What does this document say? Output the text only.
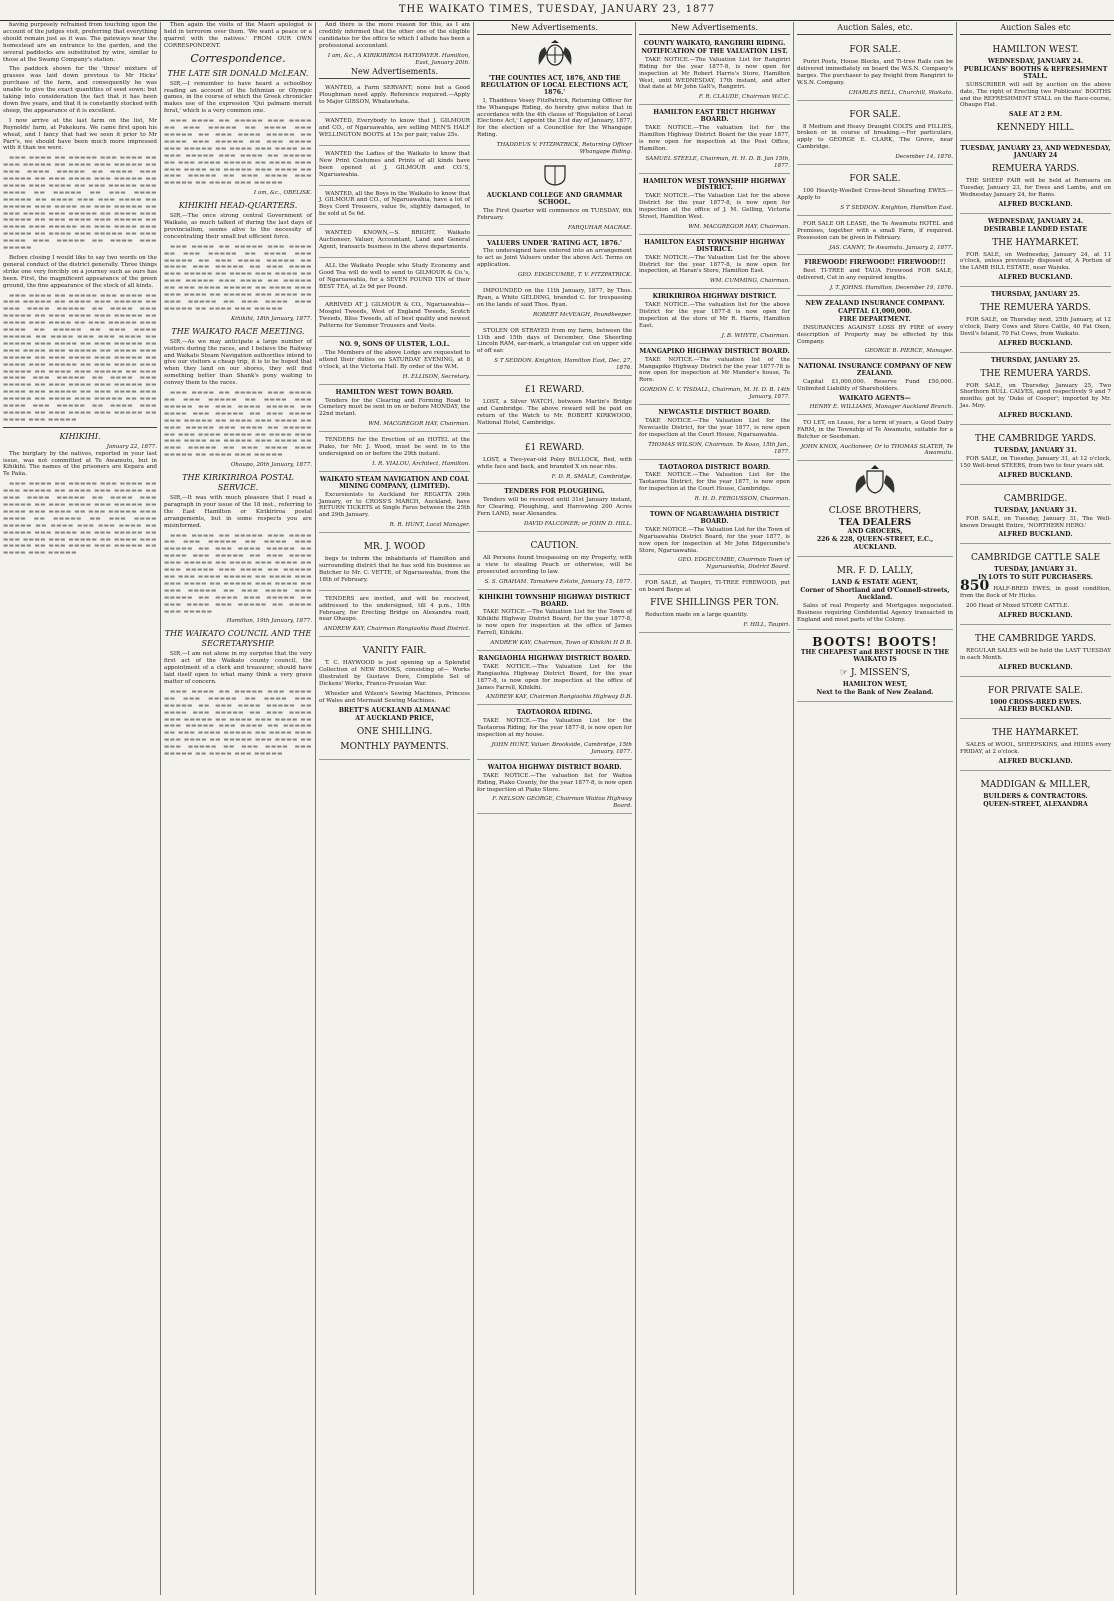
THE WAIKATO TIMES, TUESDAY, JANUARY 23, 1877

having purposely refrained from touching upon the account of the judges visit, preferring that everything should remain just as it was. The gateways near the homestead are an entrance to the garden, and the several paddocks are substituted by wire, similar to those at the Swamp Company's station.

The paddock shown for the 'three' mixture of grasses was laid down previous to Mr Hicks' purchase of the farm, and consequently he was unable to give the exact quantities of seed sown; but taking into consideration the fact that it has been down five years, and that it is constantly stocked with sheep, the appearance of it is excellent.

I now arrive at the last farm on the list, Mr Reynolds' farm, at Pukekura. We came first upon his wheat, and I fancy that had we seen it prior to Mr Parr's, we should have been much more impressed with it than we were.

▬▬▬ ▬▬▬▬ ▬▬ ▬▬▬▬▬ ▬▬▬ ▬▬▬▬ ▬▬ ▬▬▬ ▬▬▬▬▬ ▬▬ ▬▬▬▬ ▬▬▬ ▬▬▬▬▬ ▬▬ ▬▬▬ ▬▬▬▬ ▬▬▬▬▬ ▬▬ ▬▬▬▬ ▬▬▬ ▬▬▬▬▬ ▬▬ ▬▬▬ ▬▬▬▬ ▬▬▬ ▬▬▬▬▬ ▬▬ ▬▬▬▬ ▬▬▬ ▬▬▬▬ ▬▬ ▬▬▬ ▬▬▬▬▬ ▬▬▬ ▬▬▬▬ ▬▬ ▬▬▬▬▬ ▬▬ ▬▬▬ ▬▬▬▬ ▬▬▬▬▬ ▬▬ ▬▬▬▬ ▬▬▬ ▬▬▬ ▬▬▬▬ ▬▬ ▬▬▬▬▬ ▬▬▬ ▬▬▬▬ ▬▬ ▬▬▬ ▬▬▬▬▬ ▬▬ ▬▬▬ ▬▬▬▬ ▬▬▬ ▬▬▬▬▬ ▬▬ ▬▬▬▬ ▬▬▬ ▬▬▬▬▬ ▬▬ ▬▬▬ ▬▬▬▬ ▬▬▬ ▬▬▬▬▬ ▬▬ ▬▬▬▬ ▬▬▬ ▬▬▬▬▬ ▬▬ ▬▬▬ ▬▬▬▬ ▬▬▬ ▬▬▬▬▬ ▬▬ ▬▬▬▬ ▬▬▬ ▬▬▬▬▬ ▬▬ ▬▬▬ ▬▬▬▬ ▬▬▬ ▬▬▬▬▬ ▬▬ ▬▬▬▬ ▬▬▬ ▬▬▬▬▬

Before closing I would like to say two words on the general conduct of the district generally. Three things strike one very forcibly on a journey such as ours has been. First, the magnificent appearance of the green ground, the fine appearance of the stock of all kinds.

▬▬▬ ▬▬▬▬ ▬▬ ▬▬▬▬▬ ▬▬▬ ▬▬▬▬ ▬▬ ▬▬▬ ▬▬▬▬▬ ▬▬ ▬▬▬▬ ▬▬▬ ▬▬▬▬▬ ▬▬ ▬▬▬ ▬▬▬▬ ▬▬▬▬▬ ▬▬ ▬▬▬▬ ▬▬▬ ▬▬▬▬▬ ▬▬ ▬▬▬ ▬▬▬▬ ▬▬▬ ▬▬▬▬▬ ▬▬ ▬▬▬▬ ▬▬▬ ▬▬▬▬ ▬▬ ▬▬▬ ▬▬▬▬▬ ▬▬▬ ▬▬▬▬ ▬▬ ▬▬▬▬▬ ▬▬ ▬▬▬ ▬▬▬▬ ▬▬▬▬▬ ▬▬ ▬▬▬▬ ▬▬▬ ▬▬▬ ▬▬▬▬ ▬▬ ▬▬▬▬▬ ▬▬▬ ▬▬▬▬ ▬▬ ▬▬▬ ▬▬▬▬▬ ▬▬ ▬▬▬ ▬▬▬▬ ▬▬▬ ▬▬▬▬▬ ▬▬ ▬▬▬▬ ▬▬▬ ▬▬▬▬▬ ▬▬ ▬▬▬ ▬▬▬▬ ▬▬▬ ▬▬▬▬▬ ▬▬ ▬▬▬▬ ▬▬▬ ▬▬▬▬▬ ▬▬ ▬▬▬ ▬▬▬▬ ▬▬▬ ▬▬▬▬▬ ▬▬ ▬▬▬▬ ▬▬▬ ▬▬▬▬▬ ▬▬ ▬▬▬ ▬▬▬▬ ▬▬▬ ▬▬▬▬▬ ▬▬ ▬▬▬▬ ▬▬▬ ▬▬▬▬▬ ▬▬ ▬▬▬ ▬▬▬▬ ▬▬▬ ▬▬▬▬▬ ▬▬ ▬▬▬▬ ▬▬▬ ▬▬▬▬▬ ▬▬ ▬▬▬ ▬▬▬▬ ▬▬▬ ▬▬▬▬▬ ▬▬ ▬▬▬▬ ▬▬▬ ▬▬▬▬▬ ▬▬ ▬▬▬ ▬▬▬▬ ▬▬▬ ▬▬▬▬▬ ▬▬ ▬▬▬▬ ▬▬▬ ▬▬▬▬▬ ▬▬ ▬▬▬ ▬▬▬▬ ▬▬▬ ▬▬▬▬▬ ▬▬ ▬▬▬▬ ▬▬▬ ▬▬▬▬▬

KIHIKIHI.
January 22, 1877.

The burglary by the natives, reported in your last issue, was not committed at Te Awamutu, but in Kihikihi. The names of the prisoners are Kepara and Te Paiia.

▬▬▬ ▬▬▬▬ ▬▬ ▬▬▬▬▬ ▬▬▬ ▬▬▬▬ ▬▬ ▬▬▬ ▬▬▬▬▬ ▬▬ ▬▬▬▬ ▬▬▬ ▬▬▬▬▬ ▬▬ ▬▬▬ ▬▬▬▬ ▬▬▬▬▬ ▬▬ ▬▬▬▬ ▬▬▬ ▬▬▬▬▬ ▬▬ ▬▬▬ ▬▬▬▬ ▬▬▬ ▬▬▬▬▬ ▬▬ ▬▬▬▬ ▬▬▬ ▬▬▬▬ ▬▬ ▬▬▬ ▬▬▬▬▬ ▬▬▬ ▬▬▬▬ ▬▬ ▬▬▬▬▬ ▬▬ ▬▬▬ ▬▬▬▬ ▬▬▬▬▬ ▬▬ ▬▬▬▬ ▬▬▬ ▬▬▬ ▬▬▬▬ ▬▬ ▬▬▬▬▬ ▬▬▬ ▬▬▬▬ ▬▬ ▬▬▬ ▬▬▬▬▬ ▬▬ ▬▬▬ ▬▬▬▬ ▬▬▬ ▬▬▬▬▬ ▬▬ ▬▬▬▬ ▬▬▬ ▬▬▬▬▬ ▬▬ ▬▬▬ ▬▬▬▬ ▬▬▬ ▬▬▬▬▬ ▬▬ ▬▬▬▬ ▬▬▬ ▬▬▬▬▬

Then again the visits of the Maori apologist is held in terrorem over them. 'We want a peace or a quarrel with the natives.' FROM OUR OWN CORRESPONDENT.

Correspondence.
THE LATE SIR DONALD McLEAN.

SIR,—I remember to have heard a schoolboy reading an account of the Isthmian or Olympic games, in the course of which the Greek chronicler makes use of the expression 'Qui palmam meruit ferat,' which is a very common one.

▬▬▬ ▬▬▬▬ ▬▬ ▬▬▬▬▬ ▬▬▬ ▬▬▬▬ ▬▬ ▬▬▬ ▬▬▬▬▬ ▬▬ ▬▬▬▬ ▬▬▬ ▬▬▬▬▬ ▬▬ ▬▬▬ ▬▬▬▬ ▬▬▬▬▬ ▬▬ ▬▬▬▬ ▬▬▬ ▬▬▬▬▬ ▬▬ ▬▬▬ ▬▬▬▬ ▬▬▬ ▬▬▬▬▬ ▬▬ ▬▬▬▬ ▬▬▬ ▬▬▬▬ ▬▬ ▬▬▬ ▬▬▬▬▬ ▬▬▬ ▬▬▬▬ ▬▬ ▬▬▬▬▬ ▬▬ ▬▬▬ ▬▬▬▬ ▬▬▬▬▬ ▬▬ ▬▬▬▬ ▬▬▬ ▬▬▬ ▬▬▬▬ ▬▬ ▬▬▬▬▬ ▬▬▬ ▬▬▬▬ ▬▬ ▬▬▬ ▬▬▬▬▬ ▬▬ ▬▬▬ ▬▬▬▬ ▬▬▬ ▬▬▬▬▬ ▬▬ ▬▬▬▬ ▬▬▬ ▬▬▬▬▬

I am, &c., OBELISK.
KIHIKIHI HEAD-QUARTERS.

SIR,—The once strong central Government of Waikato, as much talked of during the last days of provincialism, seems alive to the necessity of concentrating their small but efficient force.

▬▬▬ ▬▬▬▬ ▬▬ ▬▬▬▬▬ ▬▬▬ ▬▬▬▬ ▬▬ ▬▬▬ ▬▬▬▬▬ ▬▬ ▬▬▬▬ ▬▬▬ ▬▬▬▬▬ ▬▬ ▬▬▬ ▬▬▬▬ ▬▬▬▬▬ ▬▬ ▬▬▬▬ ▬▬▬ ▬▬▬▬▬ ▬▬ ▬▬▬ ▬▬▬▬ ▬▬▬ ▬▬▬▬▬ ▬▬ ▬▬▬▬ ▬▬▬ ▬▬▬▬ ▬▬ ▬▬▬ ▬▬▬▬▬ ▬▬▬ ▬▬▬▬ ▬▬ ▬▬▬▬▬ ▬▬ ▬▬▬ ▬▬▬▬ ▬▬▬▬▬ ▬▬ ▬▬▬▬ ▬▬▬ ▬▬▬ ▬▬▬▬ ▬▬ ▬▬▬▬▬ ▬▬▬ ▬▬▬▬ ▬▬ ▬▬▬ ▬▬▬▬▬ ▬▬ ▬▬▬ ▬▬▬▬ ▬▬▬ ▬▬▬▬▬ ▬▬ ▬▬▬▬ ▬▬▬ ▬▬▬▬▬

Kihikihi, 18th January, 1877.
THE WAIKATO RACE MEETING.

SIR,—As we may anticipate a large number of visitors during the races, and I believe the Railway and Waikato Steam Navigation authorities intend to give our visitors a cheap trip, it is to be hoped that when they land on our shores, they will find something better than Shank's pony waiting to convey them to the races.

▬▬▬ ▬▬▬▬ ▬▬ ▬▬▬▬▬ ▬▬▬ ▬▬▬▬ ▬▬ ▬▬▬ ▬▬▬▬▬ ▬▬ ▬▬▬▬ ▬▬▬ ▬▬▬▬▬ ▬▬ ▬▬▬ ▬▬▬▬ ▬▬▬▬▬ ▬▬ ▬▬▬▬ ▬▬▬ ▬▬▬▬▬ ▬▬ ▬▬▬ ▬▬▬▬ ▬▬▬ ▬▬▬▬▬ ▬▬ ▬▬▬▬ ▬▬▬ ▬▬▬▬ ▬▬ ▬▬▬ ▬▬▬▬▬ ▬▬▬ ▬▬▬▬ ▬▬ ▬▬▬▬▬ ▬▬ ▬▬▬ ▬▬▬▬ ▬▬▬▬▬ ▬▬ ▬▬▬▬ ▬▬▬ ▬▬▬ ▬▬▬▬ ▬▬ ▬▬▬▬▬ ▬▬▬ ▬▬▬▬ ▬▬ ▬▬▬ ▬▬▬▬▬ ▬▬ ▬▬▬ ▬▬▬▬ ▬▬▬ ▬▬▬▬▬ ▬▬ ▬▬▬▬ ▬▬▬ ▬▬▬▬▬

Ohaupo, 20th January, 1877.
THE KIRIKIRIROA POSTAL SERVICE.

SIR,—It was with much pleasure that I read a paragraph in your issue of the 18 inst., referring to the East Hamilton or Kirikiriroa postal arrangements, but in some respects you are misinformed.

▬▬▬ ▬▬▬▬ ▬▬ ▬▬▬▬▬ ▬▬▬ ▬▬▬▬ ▬▬ ▬▬▬ ▬▬▬▬▬ ▬▬ ▬▬▬▬ ▬▬▬ ▬▬▬▬▬ ▬▬ ▬▬▬ ▬▬▬▬ ▬▬▬▬▬ ▬▬ ▬▬▬▬ ▬▬▬ ▬▬▬▬▬ ▬▬ ▬▬▬ ▬▬▬▬ ▬▬▬ ▬▬▬▬▬ ▬▬ ▬▬▬▬ ▬▬▬ ▬▬▬▬ ▬▬ ▬▬▬ ▬▬▬▬▬ ▬▬▬ ▬▬▬▬ ▬▬ ▬▬▬▬▬ ▬▬ ▬▬▬ ▬▬▬▬ ▬▬▬▬▬ ▬▬ ▬▬▬▬ ▬▬▬ ▬▬▬ ▬▬▬▬ ▬▬ ▬▬▬▬▬ ▬▬▬ ▬▬▬▬ ▬▬ ▬▬▬ ▬▬▬▬▬ ▬▬ ▬▬▬ ▬▬▬▬ ▬▬▬ ▬▬▬▬▬ ▬▬ ▬▬▬▬ ▬▬▬ ▬▬▬▬▬ ▬▬ ▬▬▬ ▬▬▬▬ ▬▬▬ ▬▬▬▬▬ ▬▬ ▬▬▬▬ ▬▬▬ ▬▬▬▬▬

Hamilton, 19th January, 1877.
THE WAIKATO COUNCIL AND THE SECRETARYSHIP.

SIR,—I am not alone in my surprise that the very first act of the Waikato county council, the appointment of a clerk and treasurer, should have laid itself open to what many think a very grave matter of concern.

▬▬▬ ▬▬▬▬ ▬▬ ▬▬▬▬▬ ▬▬▬ ▬▬▬▬ ▬▬ ▬▬▬ ▬▬▬▬▬ ▬▬ ▬▬▬▬ ▬▬▬ ▬▬▬▬▬ ▬▬ ▬▬▬ ▬▬▬▬ ▬▬▬▬▬ ▬▬ ▬▬▬▬ ▬▬▬ ▬▬▬▬▬ ▬▬ ▬▬▬ ▬▬▬▬ ▬▬▬ ▬▬▬▬▬ ▬▬ ▬▬▬▬ ▬▬▬ ▬▬▬▬ ▬▬ ▬▬▬ ▬▬▬▬▬ ▬▬▬ ▬▬▬▬ ▬▬ ▬▬▬▬▬ ▬▬ ▬▬▬ ▬▬▬▬ ▬▬▬▬▬ ▬▬ ▬▬▬▬ ▬▬▬ ▬▬▬ ▬▬▬▬ ▬▬ ▬▬▬▬▬ ▬▬▬ ▬▬▬▬ ▬▬ ▬▬▬ ▬▬▬▬▬ ▬▬ ▬▬▬ ▬▬▬▬ ▬▬▬ ▬▬▬▬▬ ▬▬ ▬▬▬▬ ▬▬▬ ▬▬▬▬▬

And there is the more reason for this, as I am credibly informed that the other one of the eligible candidates for the office to which I allude has been a professional accountant.

I am, &c., A KIRIKIRIROA RATEPAYER. Hamilton, East, January 20th.
New Advertisements.

WANTED, a Farm SERVANT; none but a Good Ploughman need apply. Reference required.—Apply to Major GIBSON, Whatawhata.

WANTED, Everybody to know that J. GILMOUR and CO., of Ngaruawahia, are selling MEN'S HALF WELLINGTON BOOTS at 15s per pair, value 25s.

WANTED the Ladies of the Waikato to know that New Print Costumes and Prints of all kinds have been opened at J. GILMOUR and CO.'S, Ngaruawahia.

WANTED, all the Boys in the Waikato to know that J. GILMOUR and CO., of Ngaruawahia, have a lot of Boys Cord Trousers, value 9s, slightly damaged, to be sold at 5s 6d.

WANTED KNOWN,—S. BRIGHT, Waikato Auctioneer, Valuer, Accountant, Land and General Agent, transacts business in the above departments.

ALL the Waikato People who Study Economy and Good Tea will do well to send to GILMOUR & Co.'s, of Ngaruawahia, for a SEVEN POUND TIN of their BEST TEA, at 2s 9d per Pound.

ARRIVED AT J. GILMOUR & CO., Ngaruawahia— Mosgiel Tweeds, West of England Tweeds, Scotch Tweeds, Bliss Tweeds, all of best quality and newest Patterns for Summer Trousers and Vests.

NO. 9, SONS OF ULSTER, L.O.L.

The Members of the above Lodge are requested to attend their duties on SATURDAY EVENING, at 8 o'clock, at the Victoria Hall. By order of the W.M.

H. ELLISON, Secretary.
HAMILTON WEST TOWN BOARD.

Tenders for the Clearing and Forming Road to Cemetery must be sent in on or before MONDAY, the 22nd instant.

WM. MACGREGOR HAY, Chairman.

TENDERS for the Erection of an HOTEL at the Piako, for Mr. J. Wood, must be sent in to the undersigned on or before the 29th instant.

I. R. VIALOU, Architect, Hamilton.
WAIKATO STEAM NAVIGATION AND COAL MINING COMPANY, (LIMITED).

Excursionists to Auckland for REGATTA 29th January, or to CROSS'S MARCH, Auckland, have RETURN TICKETS at Single Fares between the 25th and 29th January.

R. R. HUNT, Local Manager.
MR. J. WOOD

begs to inform the inhabitants of Hamilton and surrounding district that he has sold his business as Butcher to Mr. C. VETTE, of Ngaruawahia, from the 18th of February.

TENDERS are invited, and will be received, addressed to the undersigned, till 4 p.m., 10th February, for Erecting Bridge on Alexandra road, near Ohaupo.

ANDREW KAY, Chairman Rangiaohia Road District.
VANITY FAIR.

T. C. HAYWOOD is just opening up a Splendid Collection of NEW BOOKS, consisting of— Works illustrated by Gustave Dore, Complete Set of Dickens' Works, Franco-Prussian War.

Wheeler and Wilson's Sewing Machines, Princess of Wales and Mermaid Sewing Machines.

BRETT'S AUCKLAND ALMANAC
AT AUCKLAND PRICE,
ONE SHILLING.
MONTHLY PAYMENTS.
New Advertisements.
'THE COUNTIES ACT, 1876, AND THE REGULATION OF LOCAL ELECTIONS ACT, 1876.'

I, Thaddeus Vesey FitzPatrick, Returning Officer for the Whangape Riding, do hereby give notice that in accordance with the 4th clause of 'Regulation of Local Elections Act,' I appoint the 31st day of January, 1877, for the election of a Councillor for the Whangape Riding.

THADDEUS V. FITZPATRICK, Returning Officer Whangape Riding.
AUCKLAND COLLEGE AND GRAMMAR SCHOOL.

The First Quarter will commence on TUESDAY, 6th February.

FARQUHAR MACRAE.
VALUERS UNDER 'RATING ACT, 1876.'

The undersigned have entered into an arrangement to act as Joint Valuers under the above Act. Terms on application.

GEO. EDGECUMBE, T. V. FITZPATRICK.

IMPOUNDED on the 11th January, 1877, by Thos. Ryan, a White GELDING, branded C. for trespassing on the lands of said Thos. Ryan.

ROBERT McVEAGH, Poundkeeper.

STOLEN OR STRAYED from my farm, between the 11th and 15th days of December, One Sheerling Lincoln RAM, ear-mark, a triangular cut on upper side of off ear.

S T SEDDON. Knighton, Hamilton East, Dec. 27, 1876.
£1 REWARD.

LOST, a Silver WATCH, between Martin's Bridge and Cambridge. The above reward will be paid on return of the Watch to Mr. ROBERT KIRKWOOD, National Hotel, Cambridge.

£1 REWARD.

LOST, a Two-year-old Poley BULLOCK, Red, with white face and back, and branded X on near ribs.

F. D. R. SMALE, Cambridge.
TENDERS FOR PLOUGHING.

Tenders will be received until 31st January instant, for Clearing, Ploughing, and Harrowing 200 Acres Fern LAND, near Alexandra.

DAVID FALCONER; or JOHN D. HILL.
CAUTION.

All Persons found trespassing on my Property, with a view to stealing Peach or otherwise, will be prosecuted according to law.

S. S. GRAHAM. Tamahere Estate, January 15, 1877.
KIHIKIHI TOWNSHIP HIGHWAY DISTRICT BOARD.

TAKE NOTICE.—The Valuation List for the Town of Kihikihi Highway District Board, for the year 1877-8, is now open for inspection at the office of James Farrell, Kihikihi.

ANDREW KAY, Chairman, Town of Kihikihi H D B.
RANGIAOHIA HIGHWAY DISTRICT BOARD.

TAKE NOTICE.—The Valuation List for the Rangiaohia Highway District Board, for the year 1877-8, is now open for inspection at the office of James Farrell, Kihikihi.

ANDREW KAY, Chairman Rangiaohia Highway D.B.
TAOTAOROA RIDING.

TAKE NOTICE.—The Valuation List for the Taotaoroa Riding, for the year 1877-8, is now open for inspection at my house.

JOHN HUNT, Valuer. Brookside, Cambridge, 15th January, 1877.
WAITOA HIGHWAY DISTRICT BOARD.

TAKE NOTICE.—The valuation list for Waitoa Riding, Piako County, for the year 1877-8, is now open for inspection at Piako Store.

F. NELSON GEORGE, Chairman Waitoa Highway Board.
New Advertisements.
COUNTY WAIKATO, RANGIRIRI RIDING.
NOTIFICATION OF THE VALUATION LIST.

TAKE NOTICE.—The Valuation List for Rangiriri Riding for the year 1877-8, is now open for inspection at Mr Robert Harris's Store, Hamilton West, until WEDNESDAY, 17th instant, and after that date at Mr John Galt's, Rangiriri.

F. R. CLAUDE, Chairman W.C.C.
HAMILTON EAST TRICT HIGHWAY BOARD.

TAKE NOTICE.—The valuation list for the Hamilton Highway District Board for the year 1877, is now open for inspection at the Post Office, Hamilton.

SAMUEL STEELE, Chairman, H. H. D. B. Jan 15th, 1877.
HAMILTON WEST TOWNSHIP HIGHWAY DISTRICT.

TAKE NOTICE.—The Valuation List for the above District for the year 1877-8, is now open for inspection at the office of J. M. Gelling, Victoria Street, Hamilton West.

WM. MACGREGOR HAY, Chairman.
HAMILTON EAST TOWNSHIP HIGHWAY DISTRICT.

TAKE NOTICE.—The Valuation List for the above District for the year 1877-8, is now open for inspection, at Haran's Store, Hamilton East.

WM. CUMMING, Chairman.
KIRIKIRIROA HIGHWAY DISTRICT.

TAKE NOTICE.—The valuation list for the above District for the year 1877-8 is now open for inspection at the store of Mr R. Harris, Hamilton East.

J. B. WHYTE, Chairman.
MANGAPIKO HIGHWAY DISTRICT BOARD.

TAKE NOTICE.—The valuation list of the Mangapiko Highway District for the year 1877-78 is now open for inspection at Mr Munder's house, Te Rore.

GORDON C. V. TISDALL, Chairman, M. H. D. B. 14th January, 1877.
NEWCASTLE DISTRICT BOARD.

TAKE NOTICE.—The Valuation List for the Newcastle District, for the year 1877, is now open for inspection at the Court House, Ngaruawahia.

THOMAS WILSON, Chairman. Te Koao, 15th Jan., 1877.
TAOTAOROA DISTRICT BOARD.

TAKE NOTICE.—The Valuation List for the Taotaoroa District, for the year 1877, is now open for inspection at the Court House, Cambridge.

R. H. D. FERGUSSON, Chairman.
TOWN OF NGARUAWAHIA DISTRICT BOARD.

TAKE NOTICE.—The Valuation List for the Town of Ngaruawahia District Board, for the year 1877, is now open for inspection at Mr John Edgecumbe's Store, Ngaruawahia.

GEO. EDGECUMBE, Chairman Town of Ngaruawahia, District Board.

FOR SALE, at Taupiri, TI-TREE FIREWOOD, put on board Barge at

FIVE SHILLINGS PER TON.

Reduction made on a large quantity.

F. HILL, Taupiri.
Auction Sales, etc.
FOR SALE.

Puriri Posts, House Blocks, and Ti-tree Rails can be delivered immediately on board the W.S.N. Company's barges. The purchaser to pay freight from Rangiriri to W.S.N. Company.

CHARLES BELL, Churchill, Waikato.
FOR SALE.

8 Medium and Heavy Draught COLTS and FILLIES, broken or in course of breaking.—For particulars, apply to GEORGE E. CLARK, The Grove, near Cambridge.

December 14, 1876.
FOR SALE.

100 Heavily-Woolled Cross-bred Shearling EWES.—Apply to

S T SEDDON. Knighton, Hamilton East.

FOR SALE OR LEASE, the Te Awamutu HOTEL and Premises, together with a small Farm, if required. Possession can be given in February.

JAS. CANNY, Te Awamutu. January 2, 1877.
FIREWOOD! FIREWOOD!! FIREWOOD!!!

Best TI-TREE and TAUA Firewood FOR SALE, delivered, Cut in any required lengths.

J. T. JOHNS. Hamilton, December 19, 1876.
NEW ZEALAND INSURANCE COMPANY.
CAPITAL £1,000,000.
FIRE DEPARTMENT.

INSURANCES AGAINST LOSS BY FIRE of every description of Property may be effected by this Company.

GEORGE B. PIERCE, Manager.
NATIONAL INSURANCE COMPANY OF NEW ZEALAND.

Capital £1,000,000. Reserve Fund £50,000. Unlimited Liability of Shareholders.

WAIKATO AGENTS—
HENRY E. WILLIAMS, Manager Auckland Branch.

TO LET, on Lease, for a term of years, a Good Dairy FARM, in the Township of Te Awamutu, suitable for a Butcher or Seedsman.

JOHN KNOX, Auctioneer, Or to THOMAS SLATER, Te Awamutu.
CLOSE BROTHERS,
TEA DEALERS
AND GROCERS,
226 & 228, QUEEN-STREET, E.C.,
AUCKLAND.
MR. F. D. LALLY,
LAND & ESTATE AGENT,
Corner of Shortland and O'Connell-streets, Auckland.

Sales of real Property and Mortgages negociated. Business requiring Confidential Agency transacted in England and most parts of the Colony.

BOOTS! BOOTS!
THE CHEAPEST and BEST HOUSE IN THE WAIKATO IS
☞ J. MISSEN'S,
HAMILTON WEST,
Next to the Bank of New Zealand.
Auction Sales etc
HAMILTON WEST.
WEDNESDAY, JANUARY 24.
PUBLICANS' BOOTHS & REFRESHMENT STALL.

SUBSCRIBER will sell by auction on the above date, The right of Erecting two Publicans' BOOTHS and the REFRESHMENT STALL on the Race-course, Ohaupo Flat.

SALE AT 2 P.M.
KENNEDY HILL.
TUESDAY, JANUARY 23, AND WEDNESDAY, JANUARY 24
REMUERA YARDS.

THE SHEEP FAIR will be held at Remuera on Tuesday, January 23, for Ewes and Lambs, and on Wednesday January 24, for Rams.

ALFRED BUCKLAND.
WEDNESDAY, JANUARY 24.
DESIRABLE LANDED ESTATE
THE HAYMARKET.

FOR SALE, on Wednesday, January 24, at 11 o'clock, unless previously disposed of, A Portion of the LAMB HILL ESTATE, near Waiuku.

ALFRED BUCKLAND.
THURSDAY, JANUARY 25.
THE REMUERA YARDS.

FOR SALE, on Thursday next, 25th January, at 12 o'clock, Dairy Cows and Store Cattle, 40 Fat Oxen, Devil's Island, 70 Fat Cows, from Waikato.

ALFRED BUCKLAND.
THURSDAY, JANUARY 25.
THE REMUERA YARDS.

FOR SALE, on Thursday, January 25, Two Shorthorn BULL CALVES, aged respectively 9 and 7 months; got by 'Duke of Cooper'; imported by Mr. Jas. Moy.

ALFRED BUCKLAND.
THE CAMBRIDGE YARDS.
TUESDAY, JANUARY 31.

FOR SALE, on Tuesday, January 31, at 12 o'clock, 150 Well-bred STEERS, from two to four years old.

ALFRED BUCKLAND.
CAMBRIDGE.
TUESDAY, JANUARY 31.

FOR SALE, on Tuesday, January 31, The Well-known Draught Entire, 'NORTHERN HERO.'

ALFRED BUCKLAND.
CAMBRIDGE CATTLE SALE
TUESDAY, JANUARY 31.
IN LOTS TO SUIT PURCHASERS.

850 HALF-BRED EWES, in good condition, from the flock of Mr Hicks.

200 Head of Mixed STORE CATTLE.

ALFRED BUCKLAND.
THE CAMBRIDGE YARDS.

REGULAR SALES will be held the LAST TUESDAY in each Month.

ALFRED BUCKLAND.
FOR PRIVATE SALE.
1000 CROSS-BRED EWES.
ALFRED BUCKLAND.
THE HAYMARKET.

SALES of WOOL, SHEEPSKINS, and HIDES every FRIDAY, at 2 o'clock.

ALFRED BUCKLAND.
MADDIGAN & MILLER,
BUILDERS & CONTRACTORS.
QUEEN-STREET, ALEXANDRA
